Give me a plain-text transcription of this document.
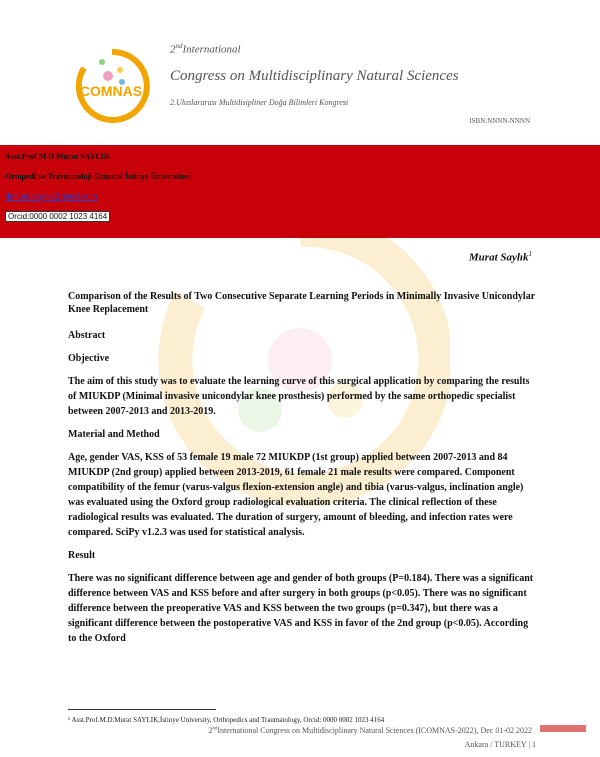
ICOMNAS
2ndInternational
Congress on Multidisciplinary Natural Sciences
2.Uluslararası Multidisipliner Doğa Bilimleri Kongresi
ISBN:NNNN-NNNN
Asst.Prof.M.D Murat SAYLIK
Ortopedi ve Travmatoloji Uzmanı/ İstinye Üniversitesi
drmuratsaylik@gmail.com
Orcid:0000 0002 1023 4164
Murat Saylık$^1$

Comparison of the Results of Two Consecutive Separate Learning Periods in Minimally Invasive Unicondylar Knee Replacement

Abstract

Objective

The aim of this study was to evaluate the learning curve of this surgical application by comparing the results of MIUKDP (Minimal invasive unicondylar knee prosthesis) performed by the same orthopedic specialist between 2007-2013 and 2013-2019.

Material and Method

Age, gender VAS, KSS of 53 female 19 male 72 MIUKDP (1st group) applied between 2007-2013 and 84 MIUKDP (2nd group) applied between 2013-2019, 61 female 21 male results were compared. Component compatibility of the femur (varus-valgus flexion-extension angle) and tibia (varus-valgus, inclination angle) was evaluated using the Oxford group radiological evaluation criteria. The clinical reflection of these radiological results was evaluated. The duration of surgery, amount of bleeding, and infection rates were compared. SciPy v1.2.3 was used for statistical analysis.

Result

There was no significant difference between age and gender of both groups (P=0.184). There was a significant difference between VAS and KSS before and after surgery in both groups (p<0.05). There was no significant difference between the preoperative VAS and KSS between the two groups (p=0.347), but there was a significant difference between the postoperative VAS and KSS in favor of the 2nd group (p<0.05). According to the Oxford

¹ Asst.Prof.M.D.Murat SAYLIK,İstinye University, Orthopedics and Traumatology, Orcid: 0000 0002 1023 4164
2ndInternational Congress on Multidisciplinary Natural Sciences (ICOMNAS-2022), Dec 01-02 2022
Ankara / TURKEY | 1
